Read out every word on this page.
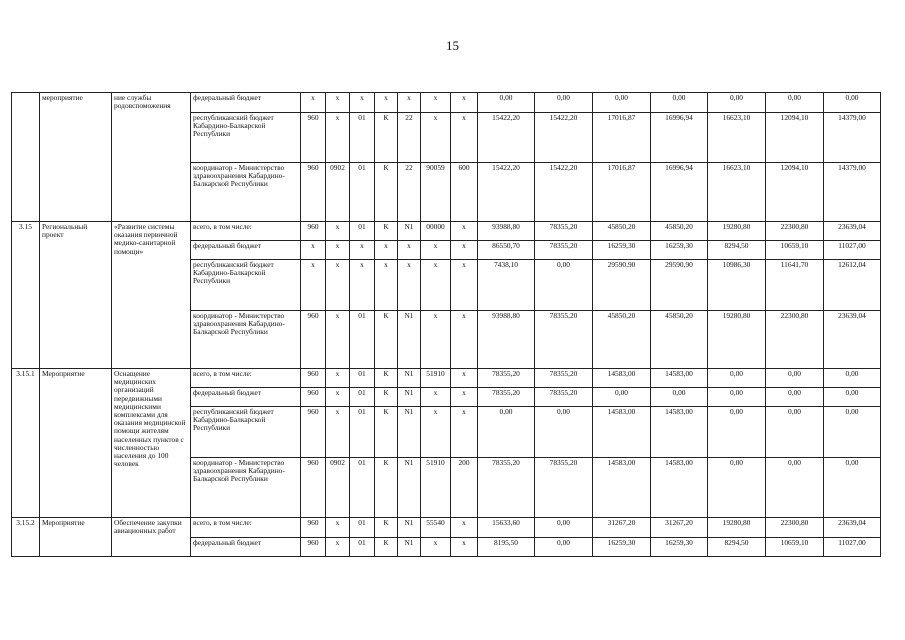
15
	мероприятие	ние службы родовспоможения	федеральный бюджет	x	x	x	x	x	x	x	0,00	0,00	0,00	0,00	0,00	0,00	0,00
			республиканский бюджет Кабардино-Балкарской Республики	960	x	01	К	22	x	x	15422,20	15422,20	17016,87	16996,94	16623,10	12094,10	14379,00
			координатор - Министерство здравоохранения Кабардино-Балкарской Республики	960	0902	01	К	22	90059	600	15422,20	15422,20	17016,87	16996,94	16623,10	12094,10	14379,00
3.15	Региональный проект	«Развитие системы оказания первичной медико-санитарной помощи»	всего, в том числе:	960	x	01	К	N1	00000	x	93988,80	78355,20	45850,20	45850,20	19280,80	22300,80	23639,04
			федеральный бюджет	x	x	x	x	x	x	x	86550,70	78355,20	16259,30	16259,30	8294,50	10659,10	11027,00
			республиканский бюджет Кабардино-Балкарской Республики	x	x	x	x	x	x	x	7438,10	0,00	29590,90	29590,90	10986,30	11641,70	12612,04
			координатор - Министерство здравоохранения Кабардино-Балкарской Республики	960	x	01	К	N1	x	x	93988,80	78355,20	45850,20	45850,20	19280,80	22300,80	23639,04
3.15.1	Мероприятие	Оснащение медицинских организаций передвижными медицинскими комплексами для оказания медицинской помощи жителям населенных пунктов с численностью населения до 100 человек	всего, в том числе:	960	x	01	К	N1	51910	x	78355,20	78355,20	14583,00	14583,00	0,00	0,00	0,00
			федеральный бюджет	960	x	01	К	N1	x	x	78355,20	78355,20	0,00	0,00	0,00	0,00	0,00
			республиканский бюджет Кабардино-Балкарской Республики	960	x	01	К	N1	x	x	0,00	0,00	14583,00	14583,00	0,00	0,00	0,00
			координатор - Министерство здравоохранения Кабардино-Балкарской Республики	960	0902	01	К	N1	51910	200	78355,20	78355,20	14583,00	14583,00	0,00	0,00	0,00
3.15.2	Мероприятие	Обеспечение закупки авиационных работ	всего, в том числе:	960	x	01	К	N1	55540	x	15633,60	0,00	31267,20	31267,20	19280,80	22300,80	23639,04
			федеральный бюджет	960	x	01	К	N1	x	x	8195,50	0,00	16259,30	16259,30	8294,50	10659,10	11027,00
